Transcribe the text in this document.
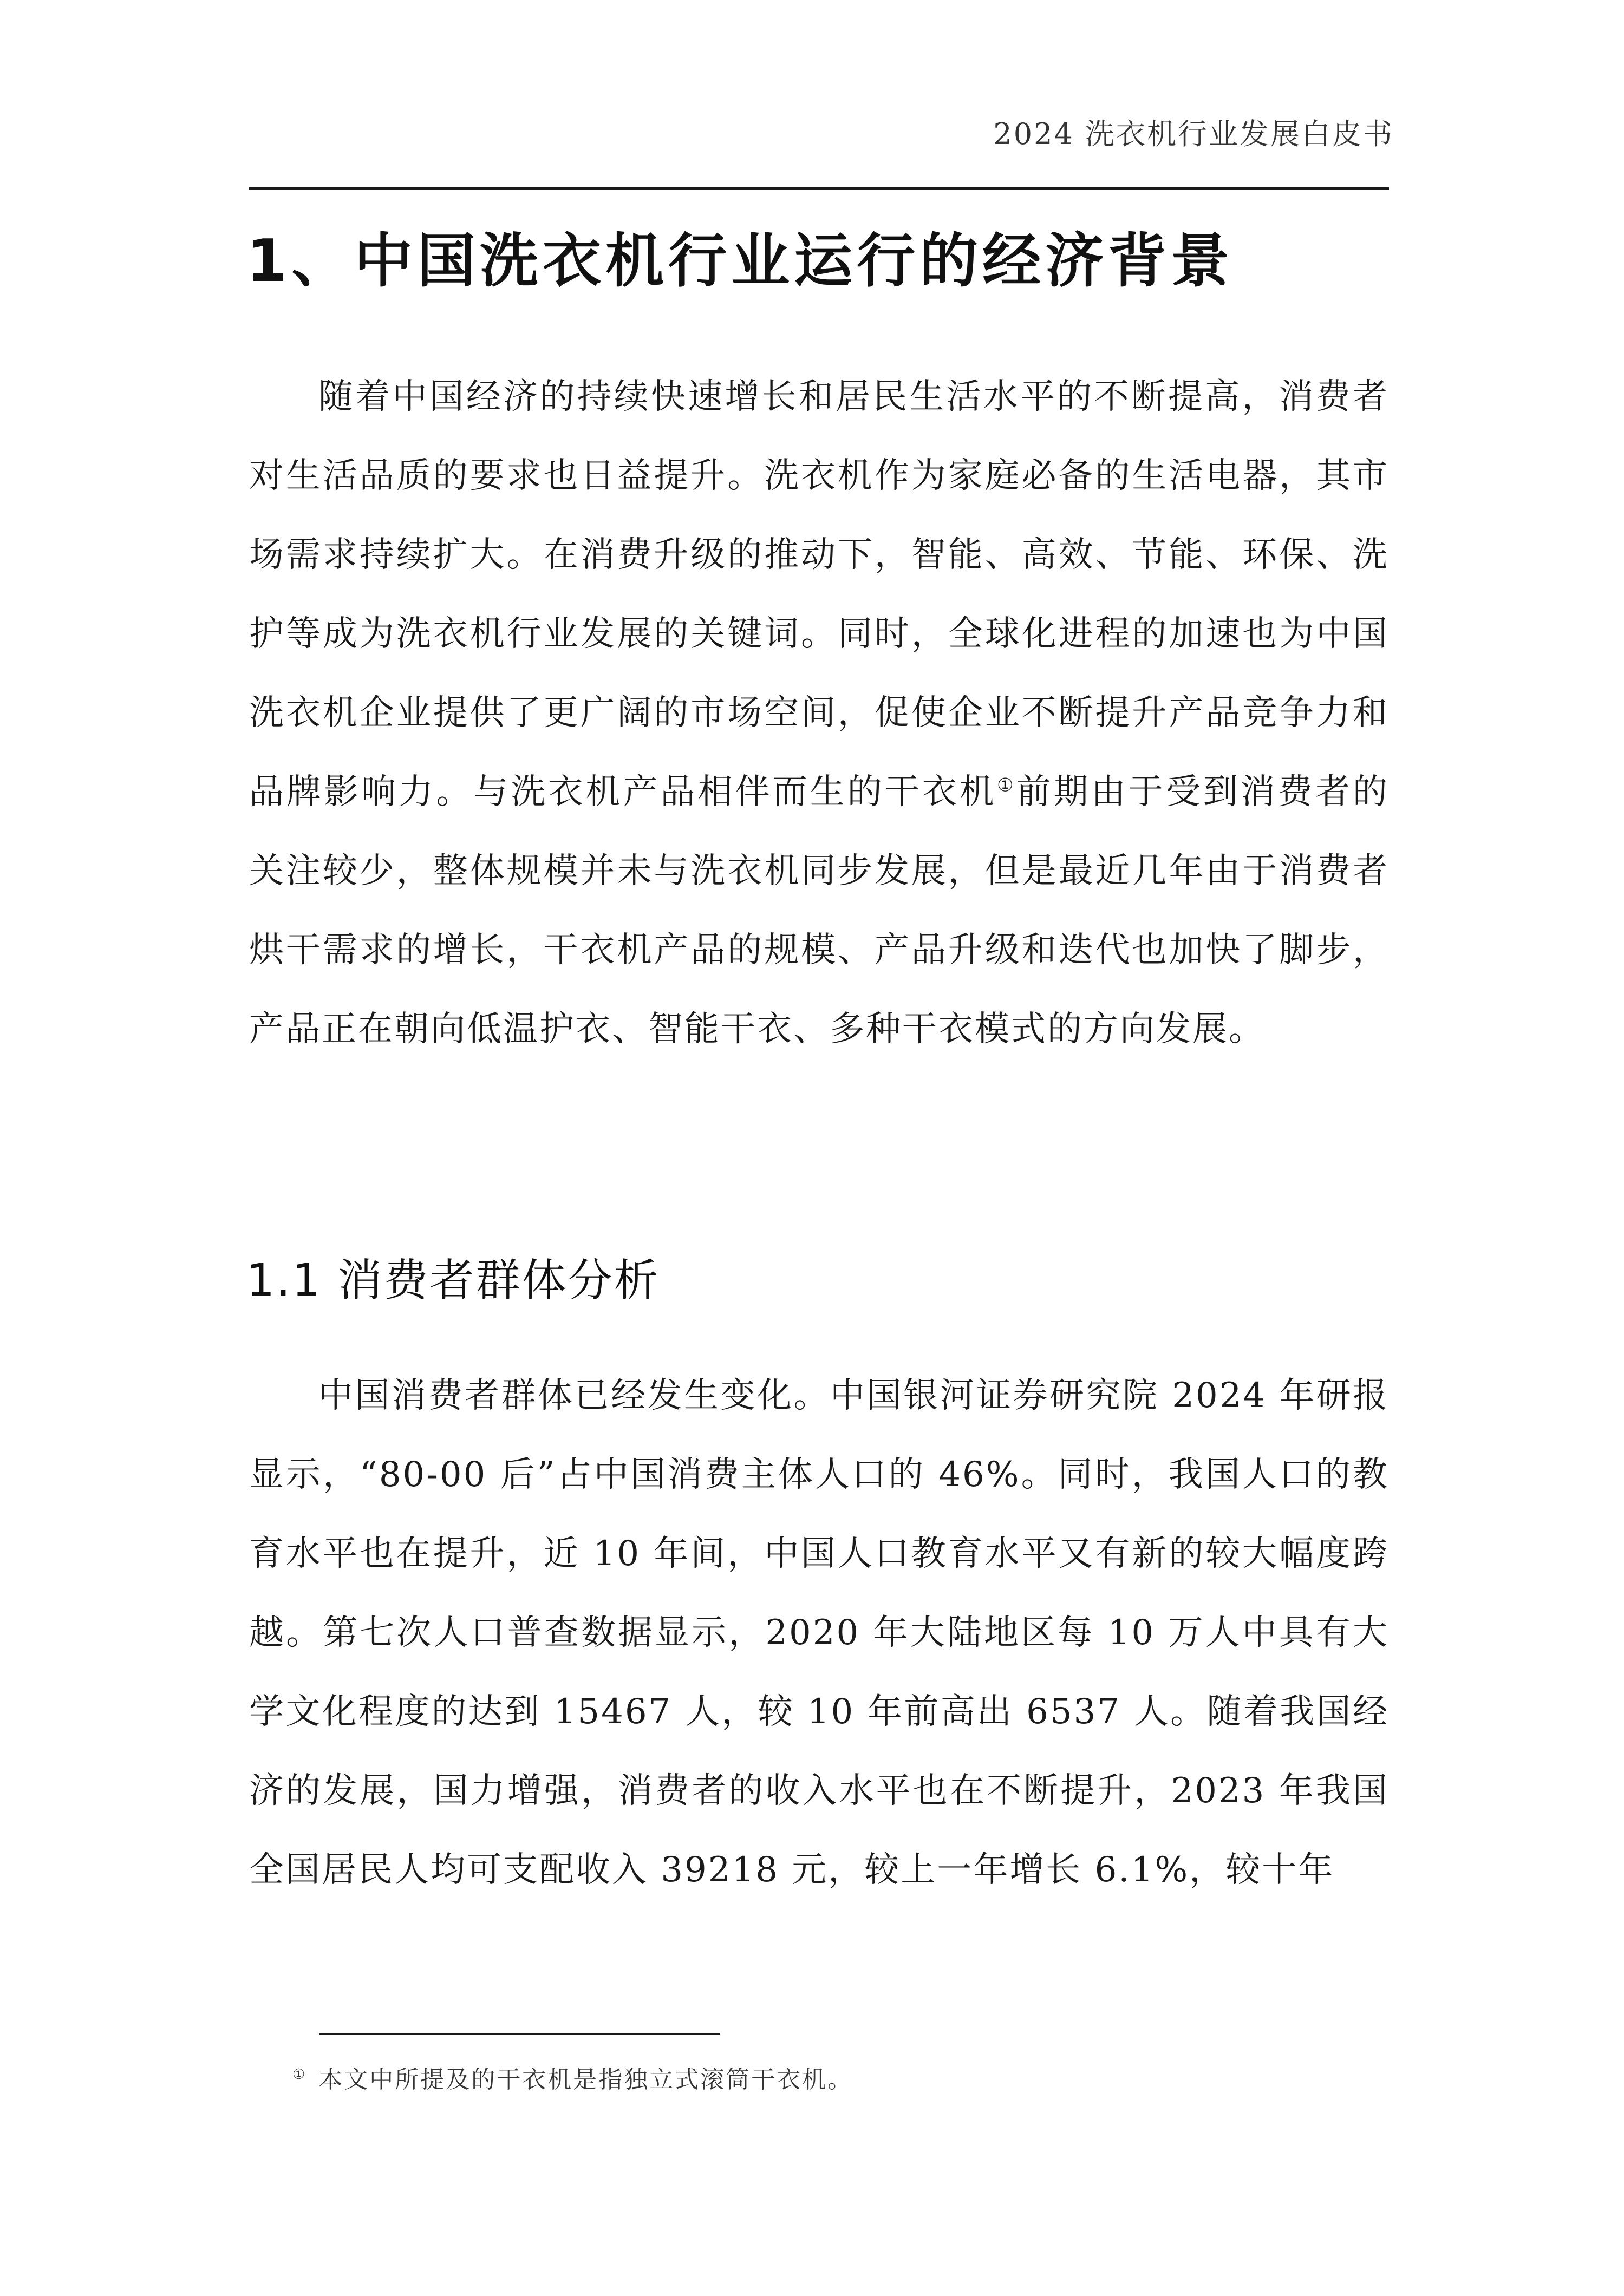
2024 洗衣机行业发展白皮书
1、中国洗衣机行业运行的经济背景

随着中国经济的持续快速增长和居民生活水平的不断提高，消费者对生活品质的要求也日益提升。洗衣机作为家庭必备的生活电器，其市场需求持续扩大。在消费升级的推动下，智能、高效、节能、环保、洗护等成为洗衣机行业发展的关键词。同时，全球化进程的加速也为中国洗衣机企业提供了更广阔的市场空间，促使企业不断提升产品竞争力和品牌影响力。与洗衣机产品相伴而生的干衣机①前期由于受到消费者的关注较少，整体规模并未与洗衣机同步发展，但是最近几年由于消费者烘干需求的增长，干衣机产品的规模、产品升级和迭代也加快了脚步，产品正在朝向低温护衣、智能干衣、多种干衣模式的方向发展。

1.1 消费者群体分析

中国消费者群体已经发生变化。中国银河证券研究院 2024 年研报显示，“80-00 后”占中国消费主体人口的 46%。同时，我国人口的教育水平也在提升，近 10 年间，中国人口教育水平又有新的较大幅度跨越。第七次人口普查数据显示，2020 年大陆地区每 10 万人中具有大学文化程度的达到 15467 人，较 10 年前高出 6537 人。随着我国经济的发展，国力增强，消费者的收入水平也在不断提升，2023 年我国全国居民人均可支配收入 39218 元，较上一年增长 6.1%，较十年

① 本文中所提及的干衣机是指独立式滚筒干衣机。
